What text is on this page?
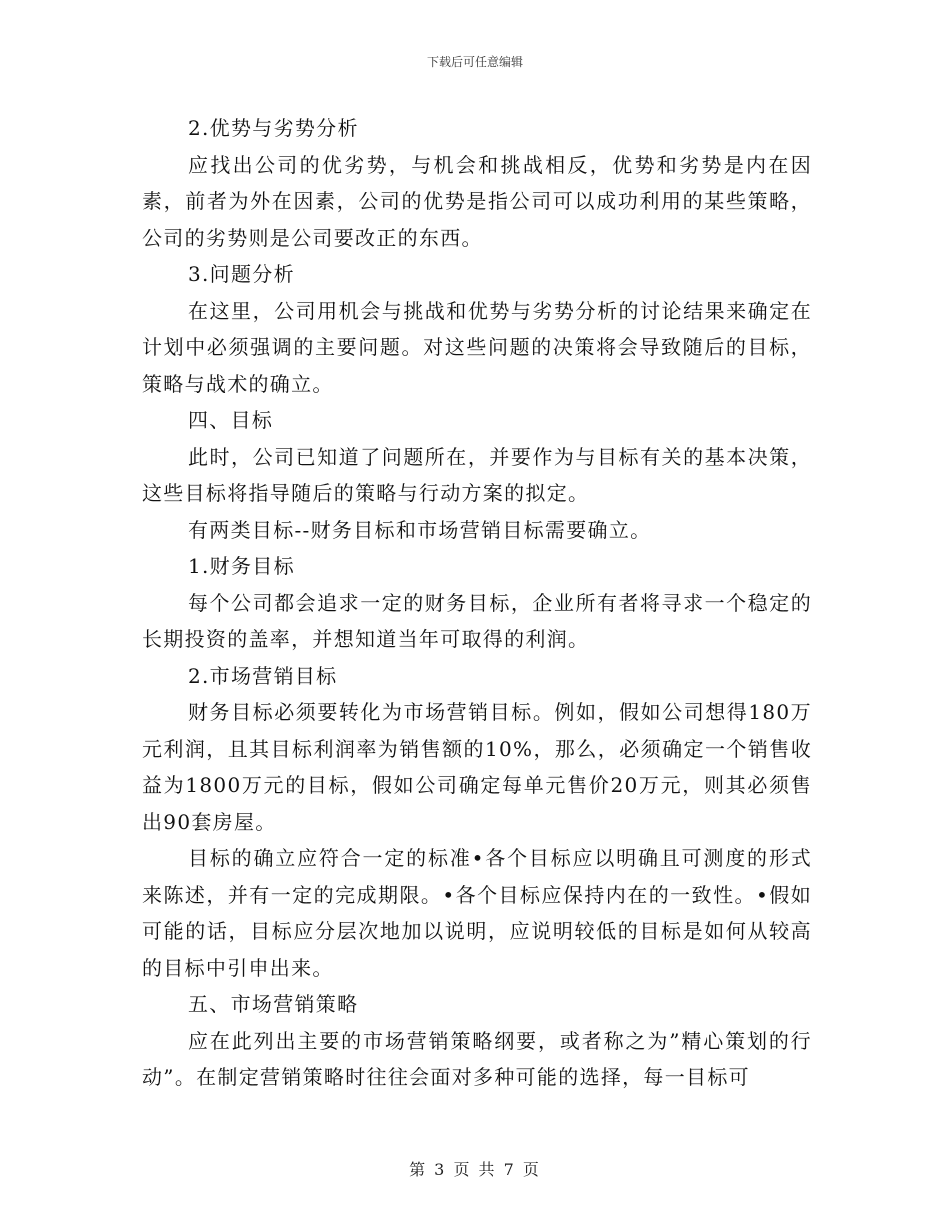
下载后可任意编辑

2.优势与劣势分析

应找出公司的优劣势，与机会和挑战相反，优势和劣势是内在因素，前者为外在因素，公司的优势是指公司可以成功利用的某些策略，公司的劣势则是公司要改正的东西。

3.问题分析

在这里，公司用机会与挑战和优势与劣势分析的讨论结果来确定在计划中必须强调的主要问题。对这些问题的决策将会导致随后的目标，策略与战术的确立。

四、目标

此时，公司已知道了问题所在，并要作为与目标有关的基本决策，这些目标将指导随后的策略与行动方案的拟定。

有两类目标--财务目标和市场营销目标需要确立。

1.财务目标

每个公司都会追求一定的财务目标，企业所有者将寻求一个稳定的长期投资的盖率，并想知道当年可取得的利润。

2.市场营销目标

财务目标必须要转化为市场营销目标。例如，假如公司想得180万元利润，且其目标利润率为销售额的10%，那么，必须确定一个销售收益为1800万元的目标，假如公司确定每单元售价20万元，则其必须售出90套房屋。

目标的确立应符合一定的标准•各个目标应以明确且可测度的形式来陈述，并有一定的完成期限。•各个目标应保持内在的一致性。•假如可能的话，目标应分层次地加以说明，应说明较低的目标是如何从较高的目标中引申出来。

五、市场营销策略

应在此列出主要的市场营销策略纲要，或者称之为”精心策划的行动”。在制定营销策略时往往会面对多种可能的选择，每一目标可

第 3 页 共 7 页
